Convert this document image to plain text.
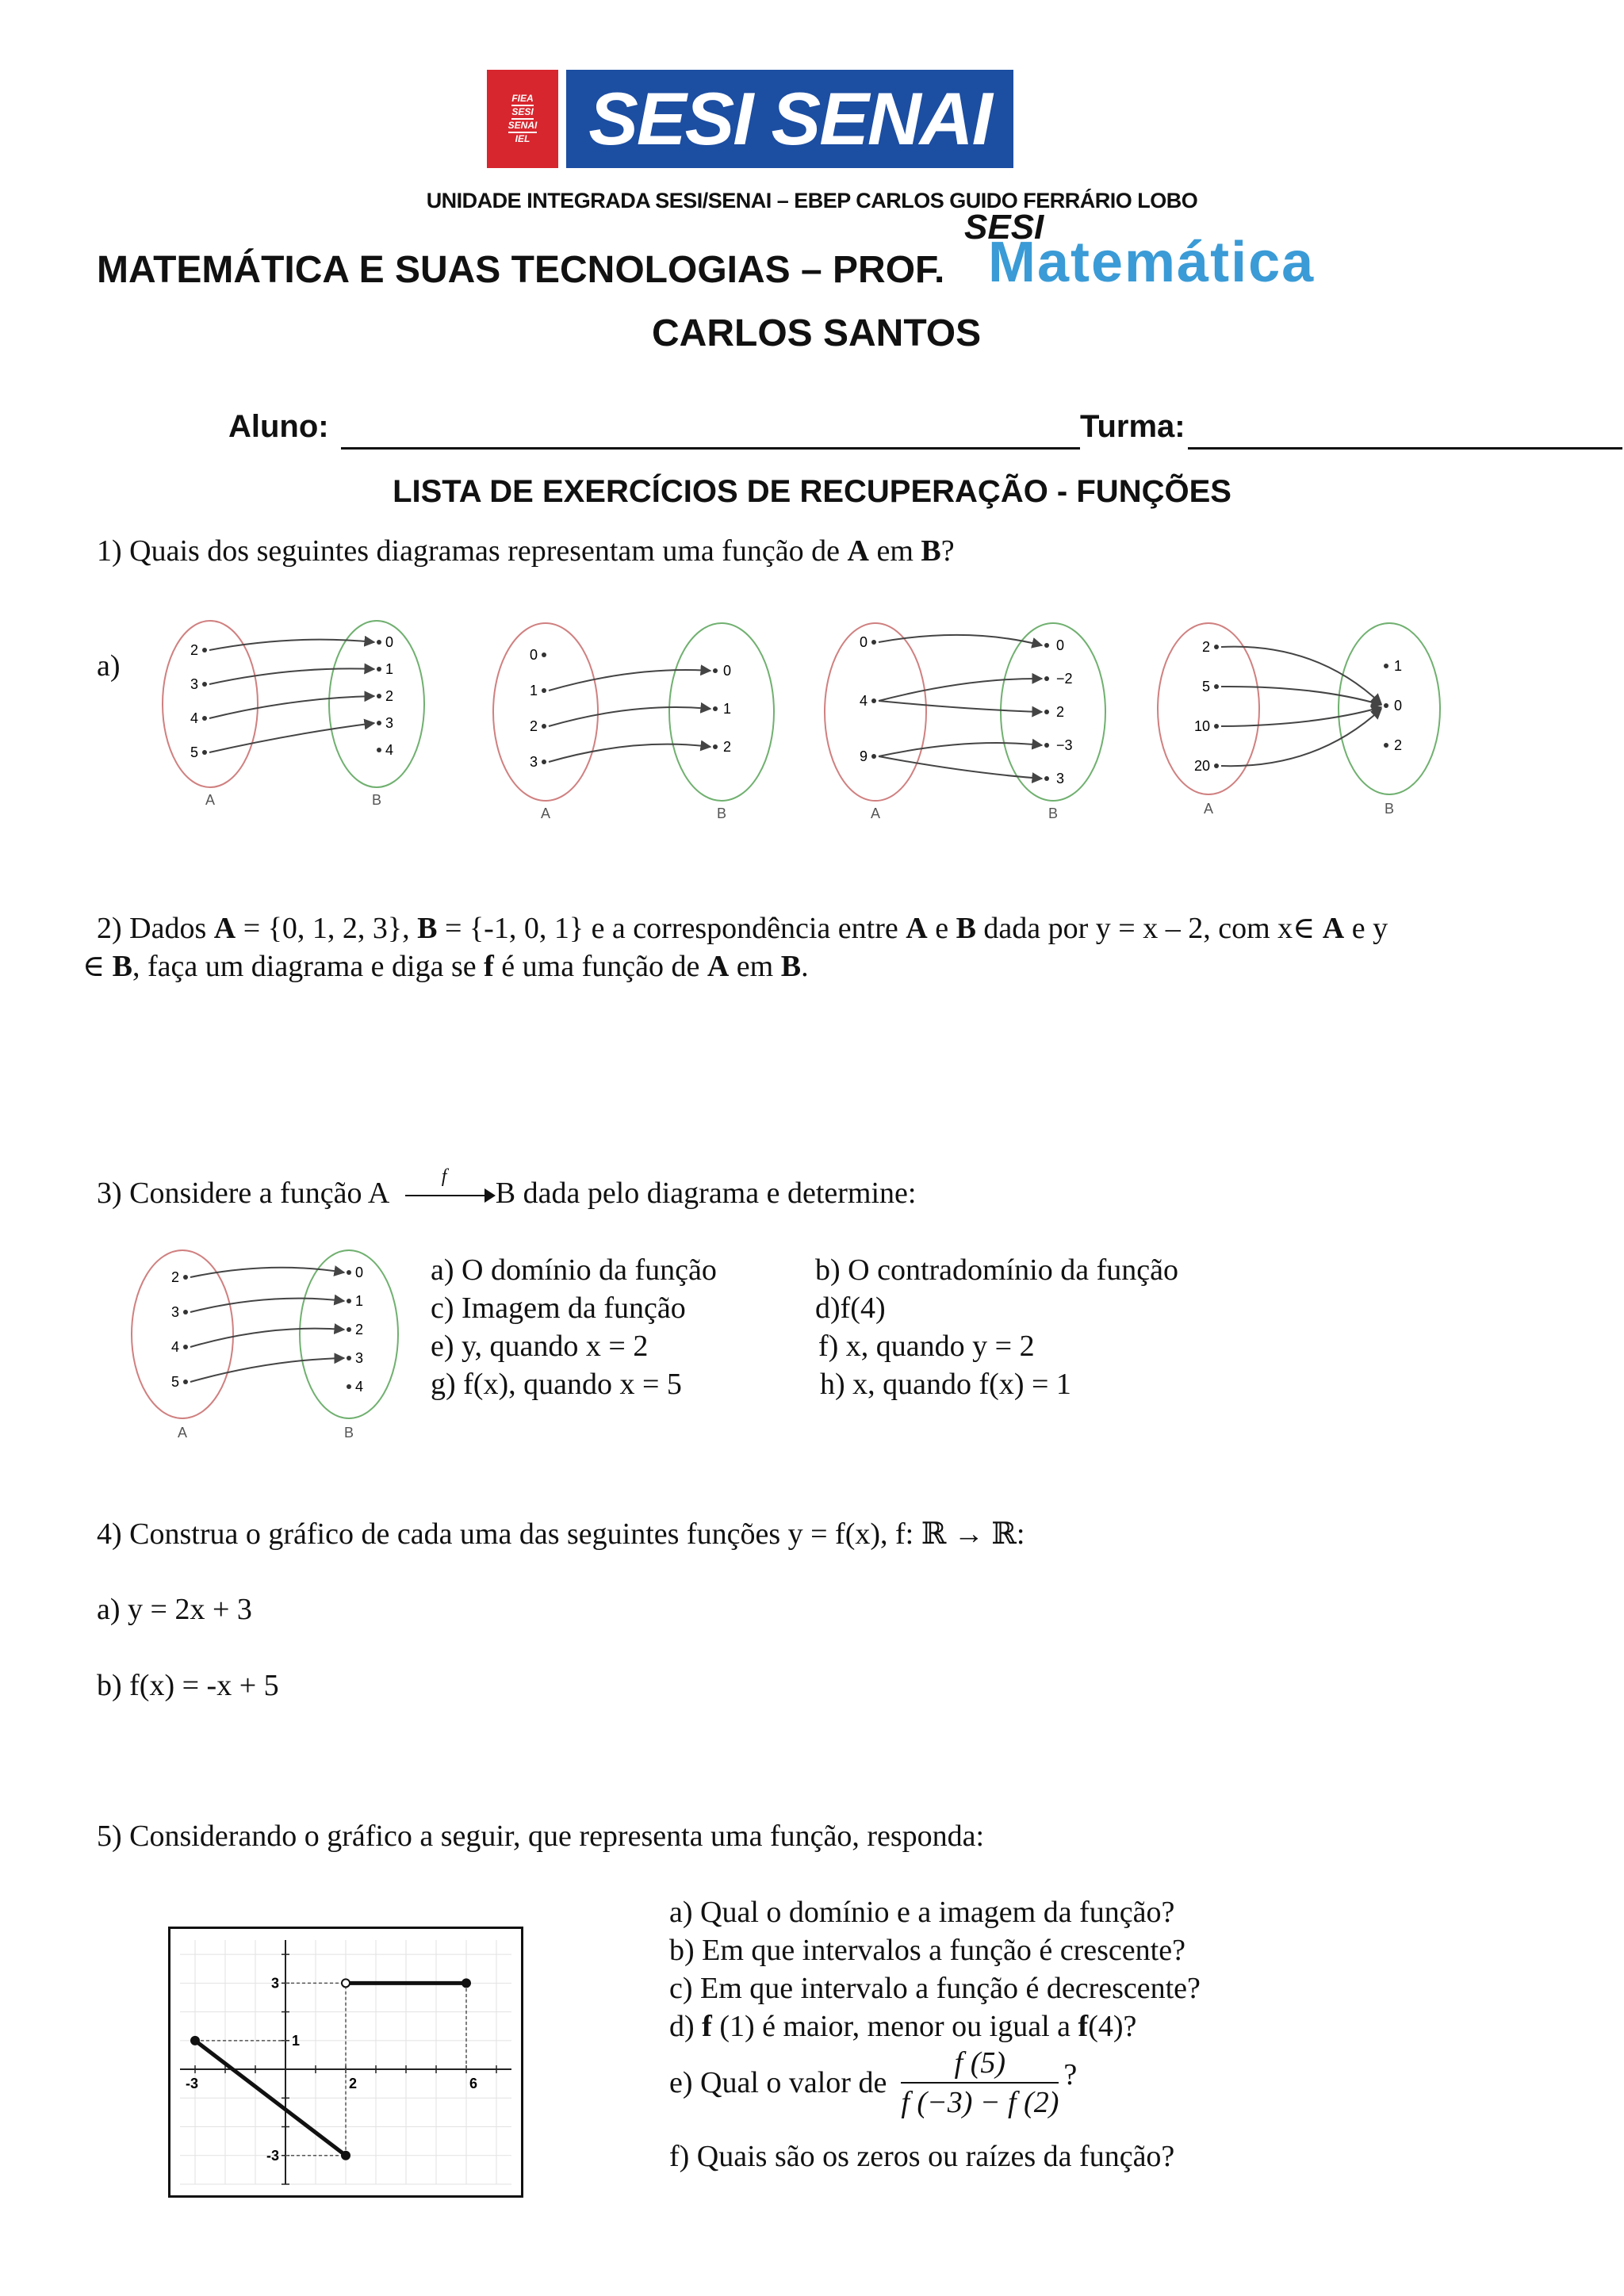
FIEA
SESI
SENAI
IEL SESI SENAI
UNIDADE INTEGRADA SESI/SENAI – EBEP CARLOS GUIDO FERRÁRIO LOBO
MATEMÁTICA E SUAS TECNOLOGIAS – PROF.
SESI
Matemática
CARLOS SANTOS
Aluno:	Turma:
LISTA DE EXERCÍCIOS DE RECUPERAÇÃO - FUNÇÕES
1) Quais dos seguintes diagramas representam uma função de A em B?
a)	2
3
4
5
0
1
2
3
4
A	B
0
1
2
3
0
1
2
A	B
0
4
9
0
−2
2
−3
3
A	B
2
5
10
20
1
0
2
A	B
2) Dados A = {0, 1, 2, 3}, B = {-1, 0, 1} e a correspondência entre A e B dada por y = x – 2, com x∈ A e y
∈ B, faça um diagrama e diga se f é uma função de A em B.
3) Considere a função A	f B dada pelo diagrama e determine:
2
3
4
5
0
1
2
3
4
A	B
a) O domínio da função	b) O contradomínio da função
c) Imagem da função	d)f(4)
e) y, quando x = 2	f) x, quando y = 2
g) f(x), quando x = 5	h) x, quando f(x) = 1
4) Construa o gráfico de cada uma das seguintes funções y = f(x), f: ℝ → ℝ:
a) y = 2x + 3
b) f(x) = -x + 5
5) Considerando o gráfico a seguir, que representa uma função, responda:
-3	2	6
3
1
-3
a) Qual o domínio e a imagem da função?
b) Em que intervalos a função é crescente?
c) Em que intervalo a função é decrescente?
d) f (1) é maior, menor ou igual a f(4)?
e) Qual o valor de $\frac{f (5)}{f (-3) - f (2)}$ ?
f) Quais são os zeros ou raízes da função?
